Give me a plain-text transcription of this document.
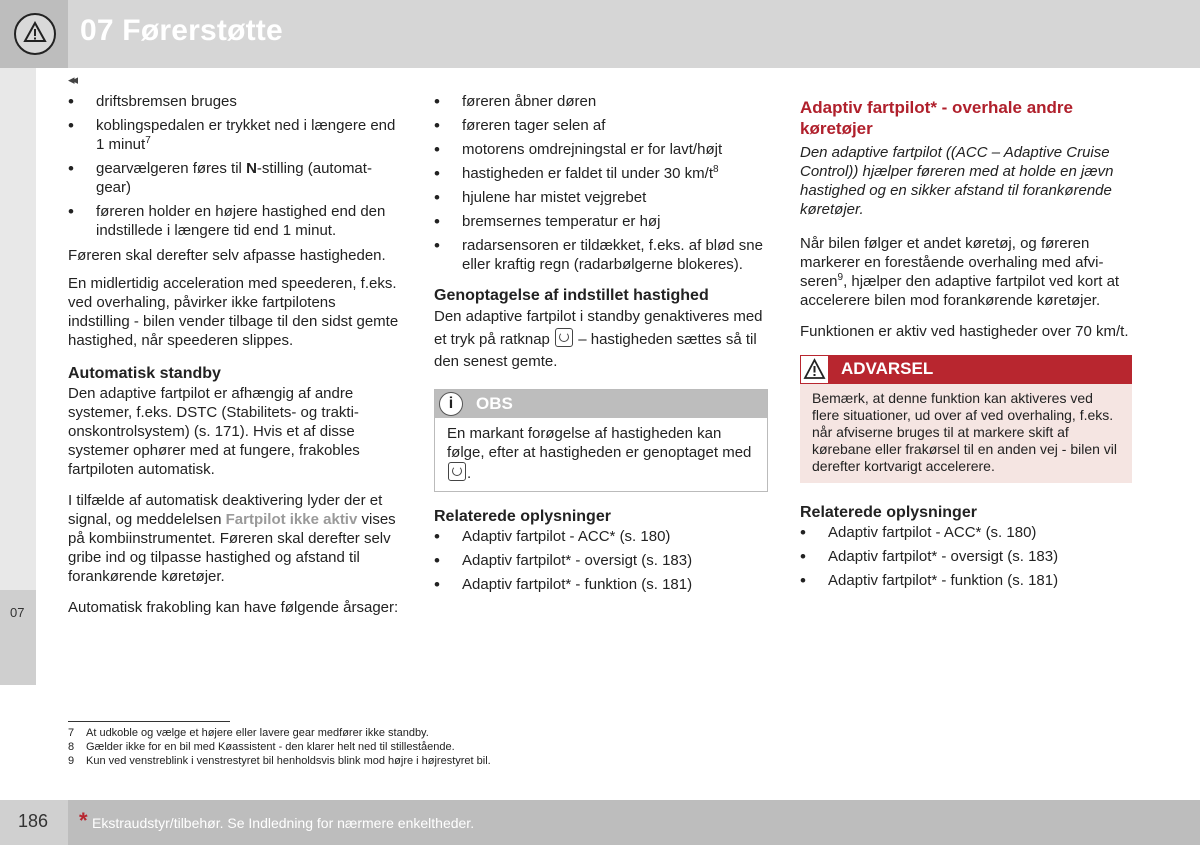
07 Førerstøtte
07
◂◂
• driftsbremsen bruges
• koblingspedalen er trykket ned i længere end 1 minut$^7$
• gearvælgeren føres til N-stilling (automatgear)
• føreren holder en højere hastighed end den indstillede i længere tid end 1 minut.

Føreren skal derefter selv afpasse hastigheden.

En midlertidig acceleration med speederen, f.eks. ved overhaling, påvirker ikke fartpilotens indstilling - bilen vender tilbage til den sidst gemte hastighed, når speederen slippes.

Automatisk standby

Den adaptive fartpilot er afhængig af andre systemer, f.eks. DSTC (Stabilitets- og traktionskontrolsystem) (s. 171). Hvis et af disse systemer ophører med at fungere, frakobles fartpiloten automatisk.

I tilfælde af automatisk deaktivering lyder der et signal, og meddelelsen Fartpilot ikke aktiv vises på kombiinstrumentet. Føreren skal derefter selv gribe ind og tilpasse hastighed og afstand til forankørende køretøjer.

Automatisk frakobling kan have følgende årsager:

• føreren åbner døren
• føreren tager selen af
• motorens omdrejningstal er for lavt/højt
• hastigheden er faldet til under 30 $km/t^8$
• hjulene har mistet vejgrebet
• bremsernes temperatur er høj
• radarsensoren er tildækket, f.eks. af blød sne eller kraftig regn (radarbølgerne blokeres).
Genoptagelse af indstillet hastighed

Den adaptive fartpilot i standby genaktiveres med et tryk på ratknap  – hastigheden sættes så til den senest gemte.

i	OBS
En markant forøgelse af hastigheden kan følge, efter at hastigheden er genoptaget med .
Relaterede oplysninger
• Adaptiv fartpilot - ACC* (s. 180)
• Adaptiv fartpilot* - oversigt (s. 183)
• Adaptiv fartpilot* - funktion (s. 181)
Adaptiv fartpilot* - overhale andre køretøjer

Den adaptive fartpilot ((ACC – Adaptive Cruise Control)) hjælper føreren med at holde en jævn hastighed og en sikker afstand til forankørende køretøjer.

Når bilen følger et andet køretøj, og føreren markerer en forestående overhaling med afviseren$^9$, hjælper den adaptive fartpilot ved kort at accelerere bilen mod forankørende køretøjer.

Funktionen er aktiv ved hastigheder over 70 km/t.

ADVARSEL
Bemærk, at denne funktion kan aktiveres ved flere situationer, ud over af ved overhaling, f.eks. når afviserne bruges til at markere skift af kørebane eller frakørsel til en anden vej - bilen vil derefter kortvarigt accelerere.
Relaterede oplysninger
• Adaptiv fartpilot - ACC* (s. 180)
• Adaptiv fartpilot* - oversigt (s. 183)
• Adaptiv fartpilot* - funktion (s. 181)
7 At udkoble og vælge et højere eller lavere gear medfører ikke standby.
8 Gælder ikke for en bil med Køassistent - den klarer helt ned til stillestående.
9 Kun ved venstreblink i venstrestyret bil henholdsvis blink mod højre i højrestyret bil.
186 * Ekstraudstyr/tilbehør. Se Indledning for nærmere enkeltheder.
